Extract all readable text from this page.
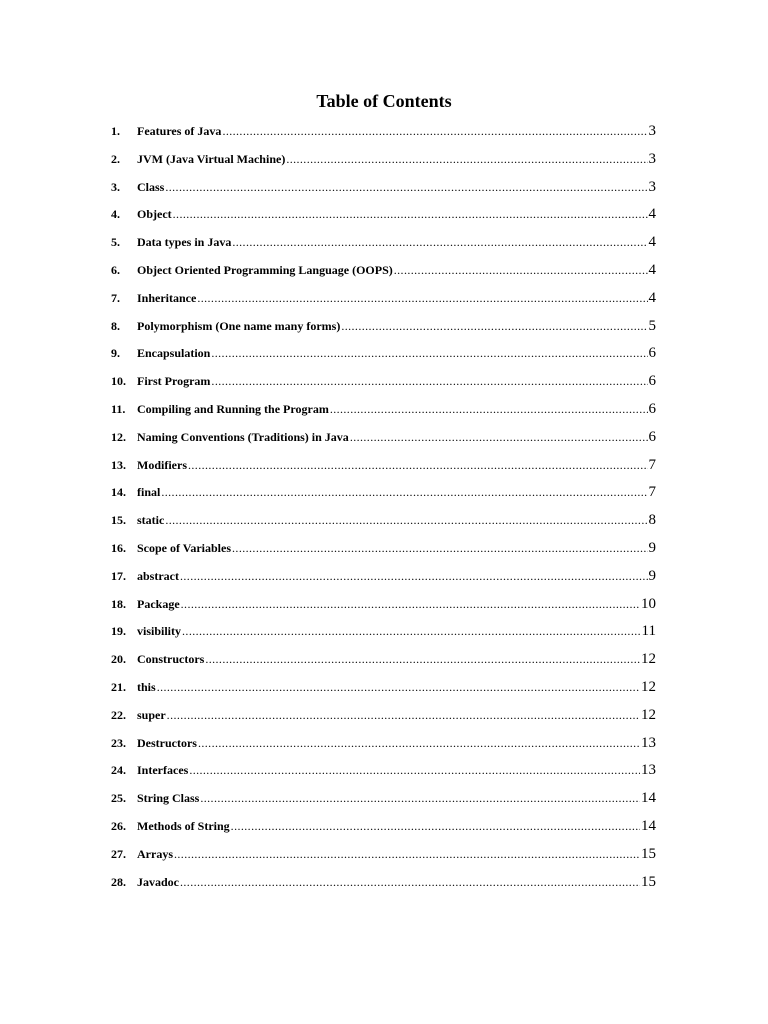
Table of Contents
1.	Features of Java .....	3
2.	JVM (Java Virtual Machine) .....	3
3.	Class .....	3
4.	Object .....	4
5.	Data types in Java .....	4
6.	Object Oriented Programming Language (OOPS) .....	4
7.	Inheritance .....	4
8.	Polymorphism (One name many forms) .....	5
9.	Encapsulation .....	6
10. First Program .....	6
11. Compiling and Running the Program .....	6
12. Naming Conventions (Traditions) in Java .....	6
13. Modifiers .....	7
14. final .....	7
15. static .....	8
16. Scope of Variables .....	9
17. abstract .....	9
18. Package .....	10
19. visibility .....	11
20. Constructors .....	12
21. this .....	12
22. super .....	12
23. Destructors .....	13
24. Interfaces .....	13
25. String Class .....	14
26. Methods of String .....	14
27. Arrays .....	15
28. Javadoc .....	15
